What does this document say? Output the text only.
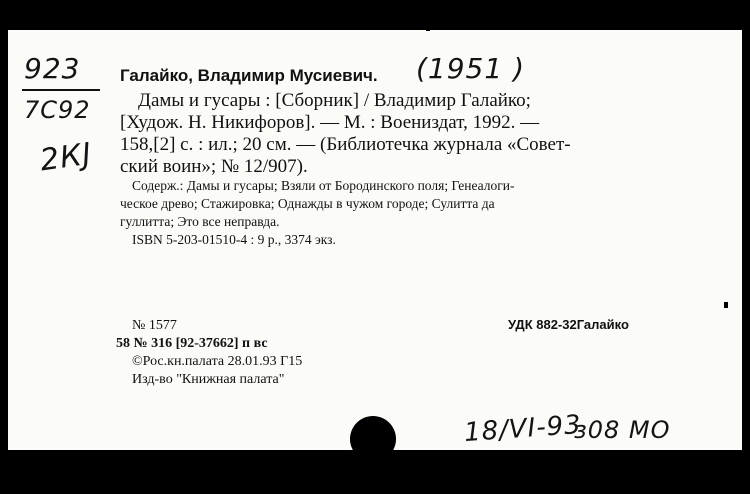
923
7C92
2КJ
(1951 )
Галайко, Владимир Мусиевич.
Дамы и гусары : [Сборник] / Владимир Галайко;
[Худож. Н. Никифоров]. — М. : Воениздат, 1992. —
158,[2] с. : ил.; 20 см. — (Библиотечка журнала «Совет-
ский воин»; № 12/907).
Содерж.: Дамы и гусары; Взяли от Бородинского поля; Генеалоги-
ческое древо; Стажировка; Однажды в чужом городе; Сулитта да
гуллитта; Это все неправда.
ISBN 5-203-01510-4 : 9 р., 3374 экз.
№ 1577	УДК 882-32Галайко
58 № 316 [92-37662] п вс
©Рос.кн.палата 28.01.93 Г15
Изд-во "Книжная палата"
18/VI-93
з08 МО
